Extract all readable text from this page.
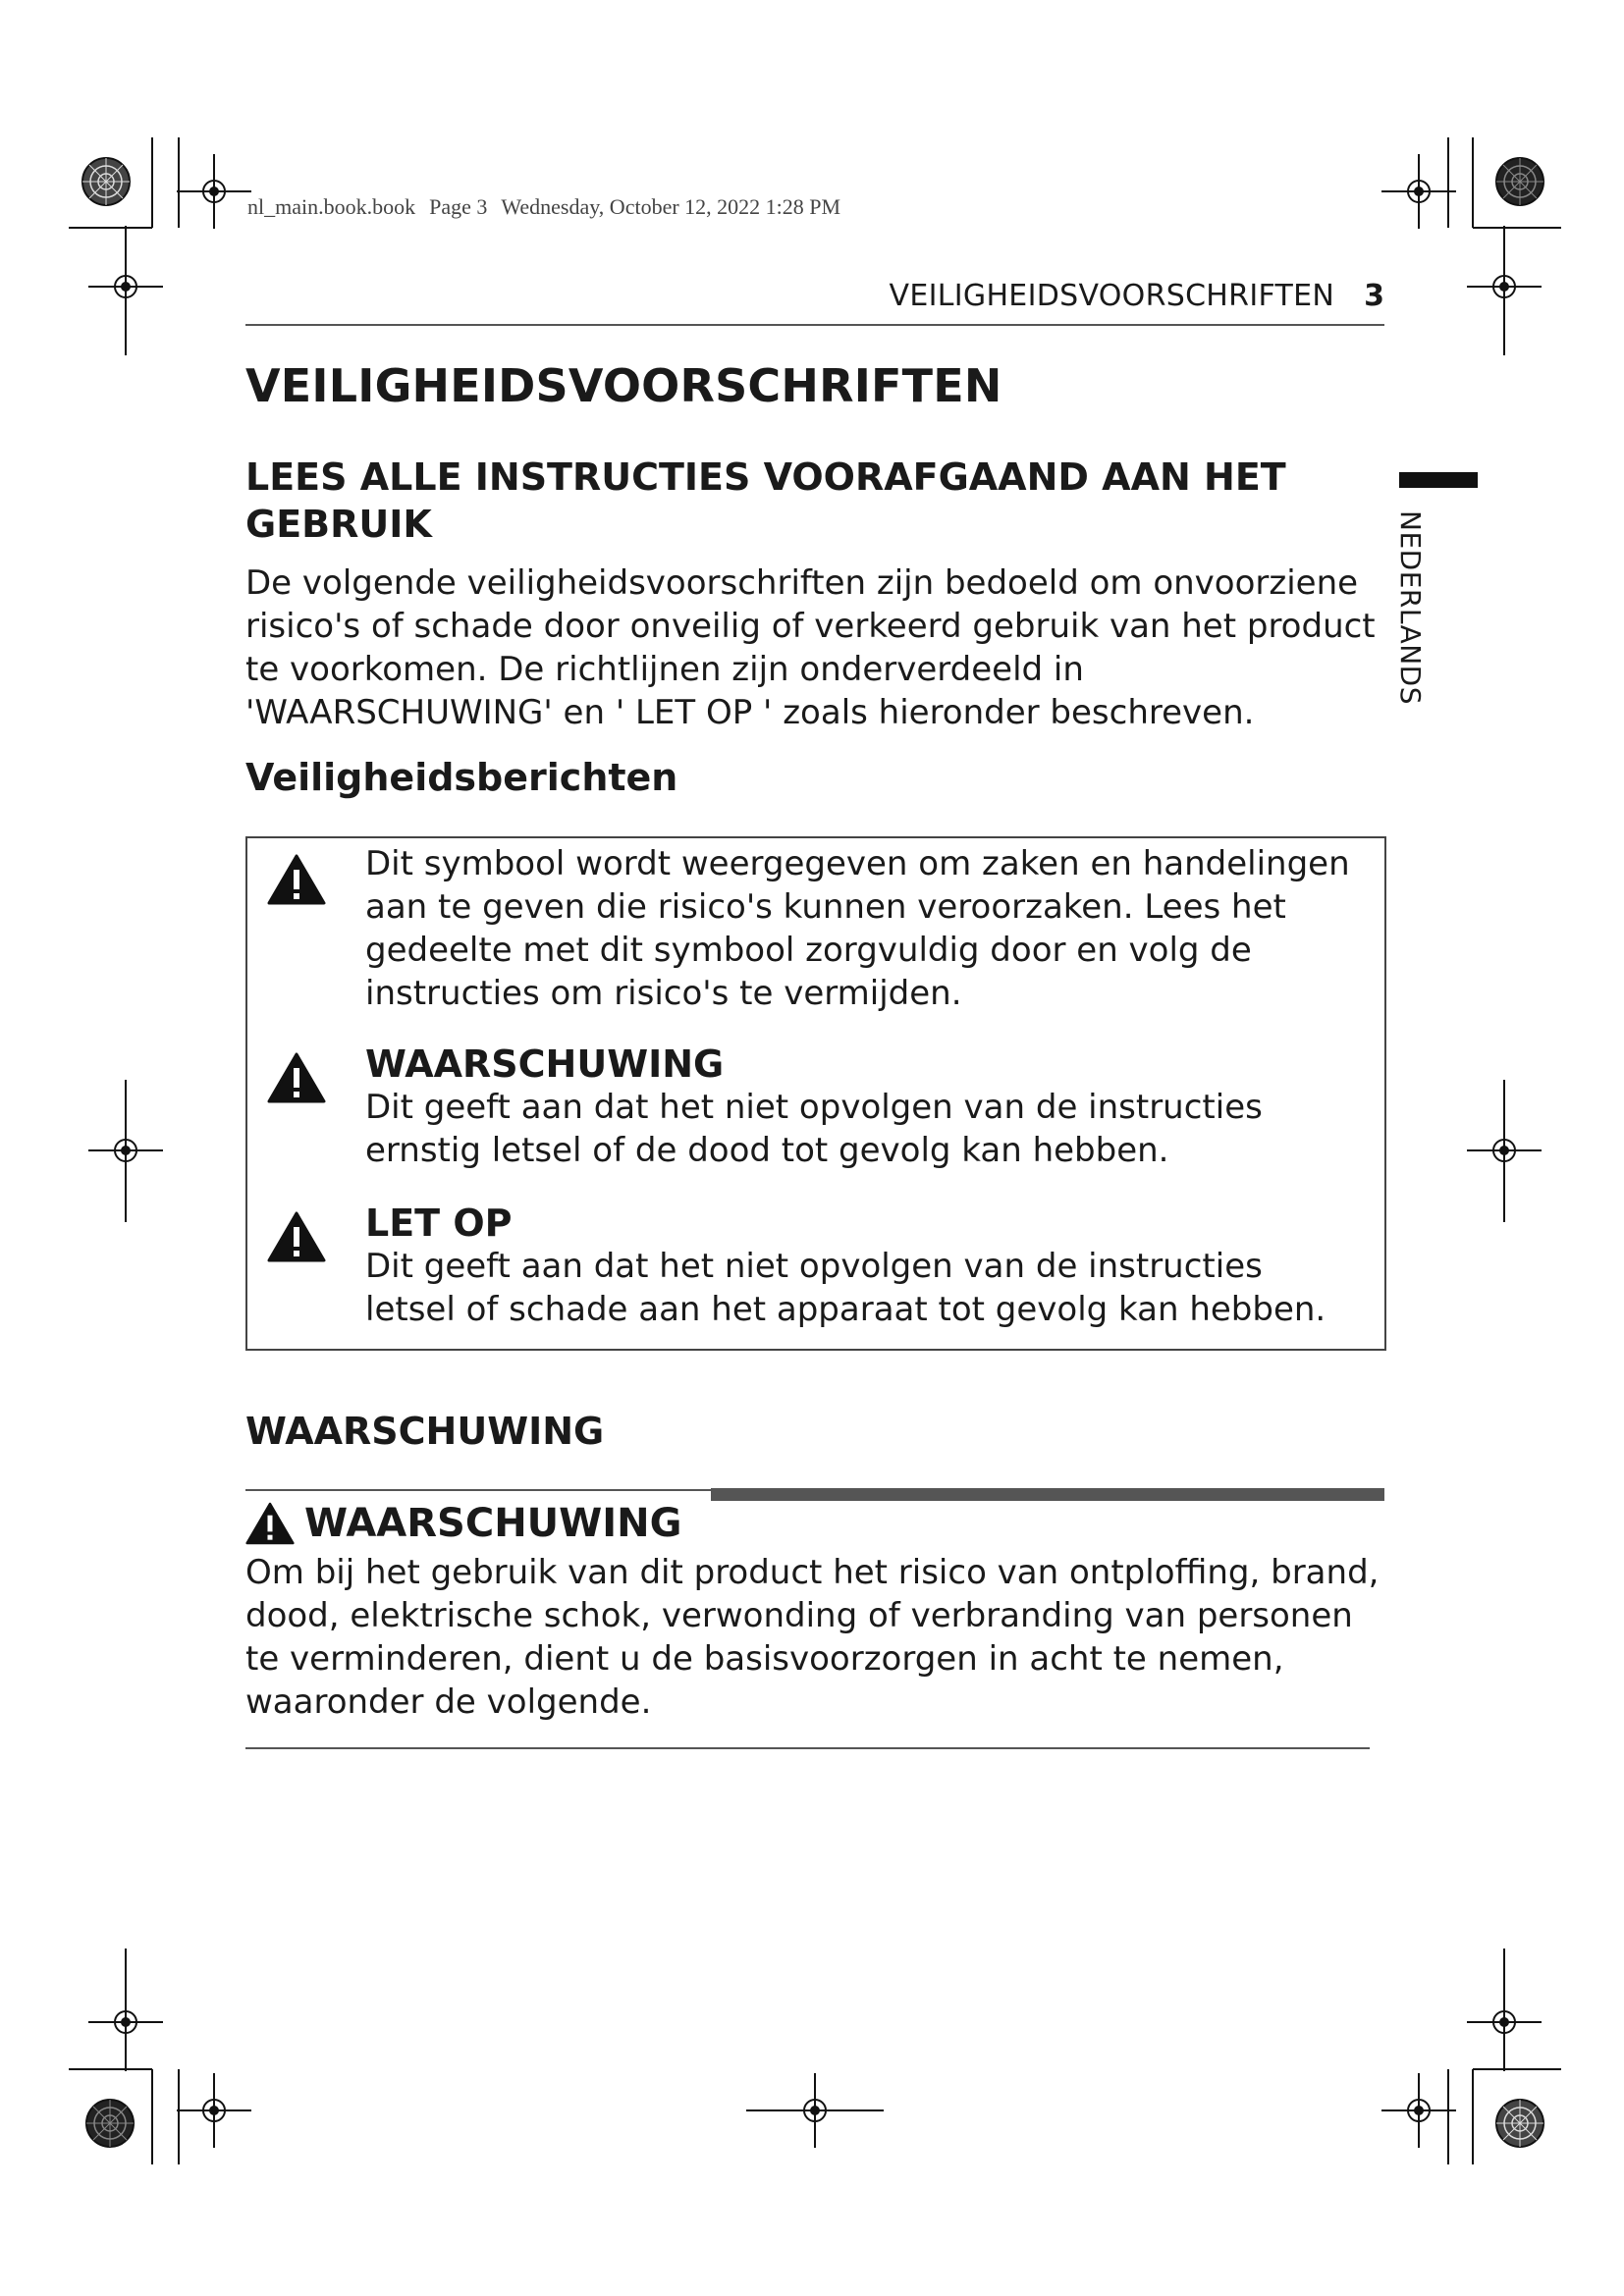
nl_main.book.book Page 3 Wednesday, October 12, 2022 1:28 PM
VEILIGHEIDSVOORSCHRIFTEN 3
NEDERLANDS
VEILIGHEIDSVOORSCHRIFTEN
LEES ALLE INSTRUCTIES VOORAFGAAND AAN HET GEBRUIK
De volgende veiligheidsvoorschriften zijn bedoeld om onvoorziene risico's of schade door onveilig of verkeerd gebruik van het product te voorkomen. De richtlijnen zijn onderverdeeld in 'WAARSCHUWING' en ' LET OP ' zoals hieronder beschreven.
Veiligheidsberichten
Dit symbool wordt weergegeven om zaken en handelingen aan te geven die risico's kunnen veroorzaken. Lees het gedeelte met dit symbool zorgvuldig door en volg de instructies om risico's te vermijden.
WAARSCHUWING
Dit geeft aan dat het niet opvolgen van de instructies ernstig letsel of de dood tot gevolg kan hebben.
LET OP
Dit geeft aan dat het niet opvolgen van de instructies letsel of schade aan het apparaat tot gevolg kan hebben.
WAARSCHUWING
WAARSCHUWING
Om bij het gebruik van dit product het risico van ontploffing, brand, dood, elektrische schok, verwonding of verbranding van personen te verminderen, dient u de basisvoorzorgen in acht te nemen, waaronder de volgende.
